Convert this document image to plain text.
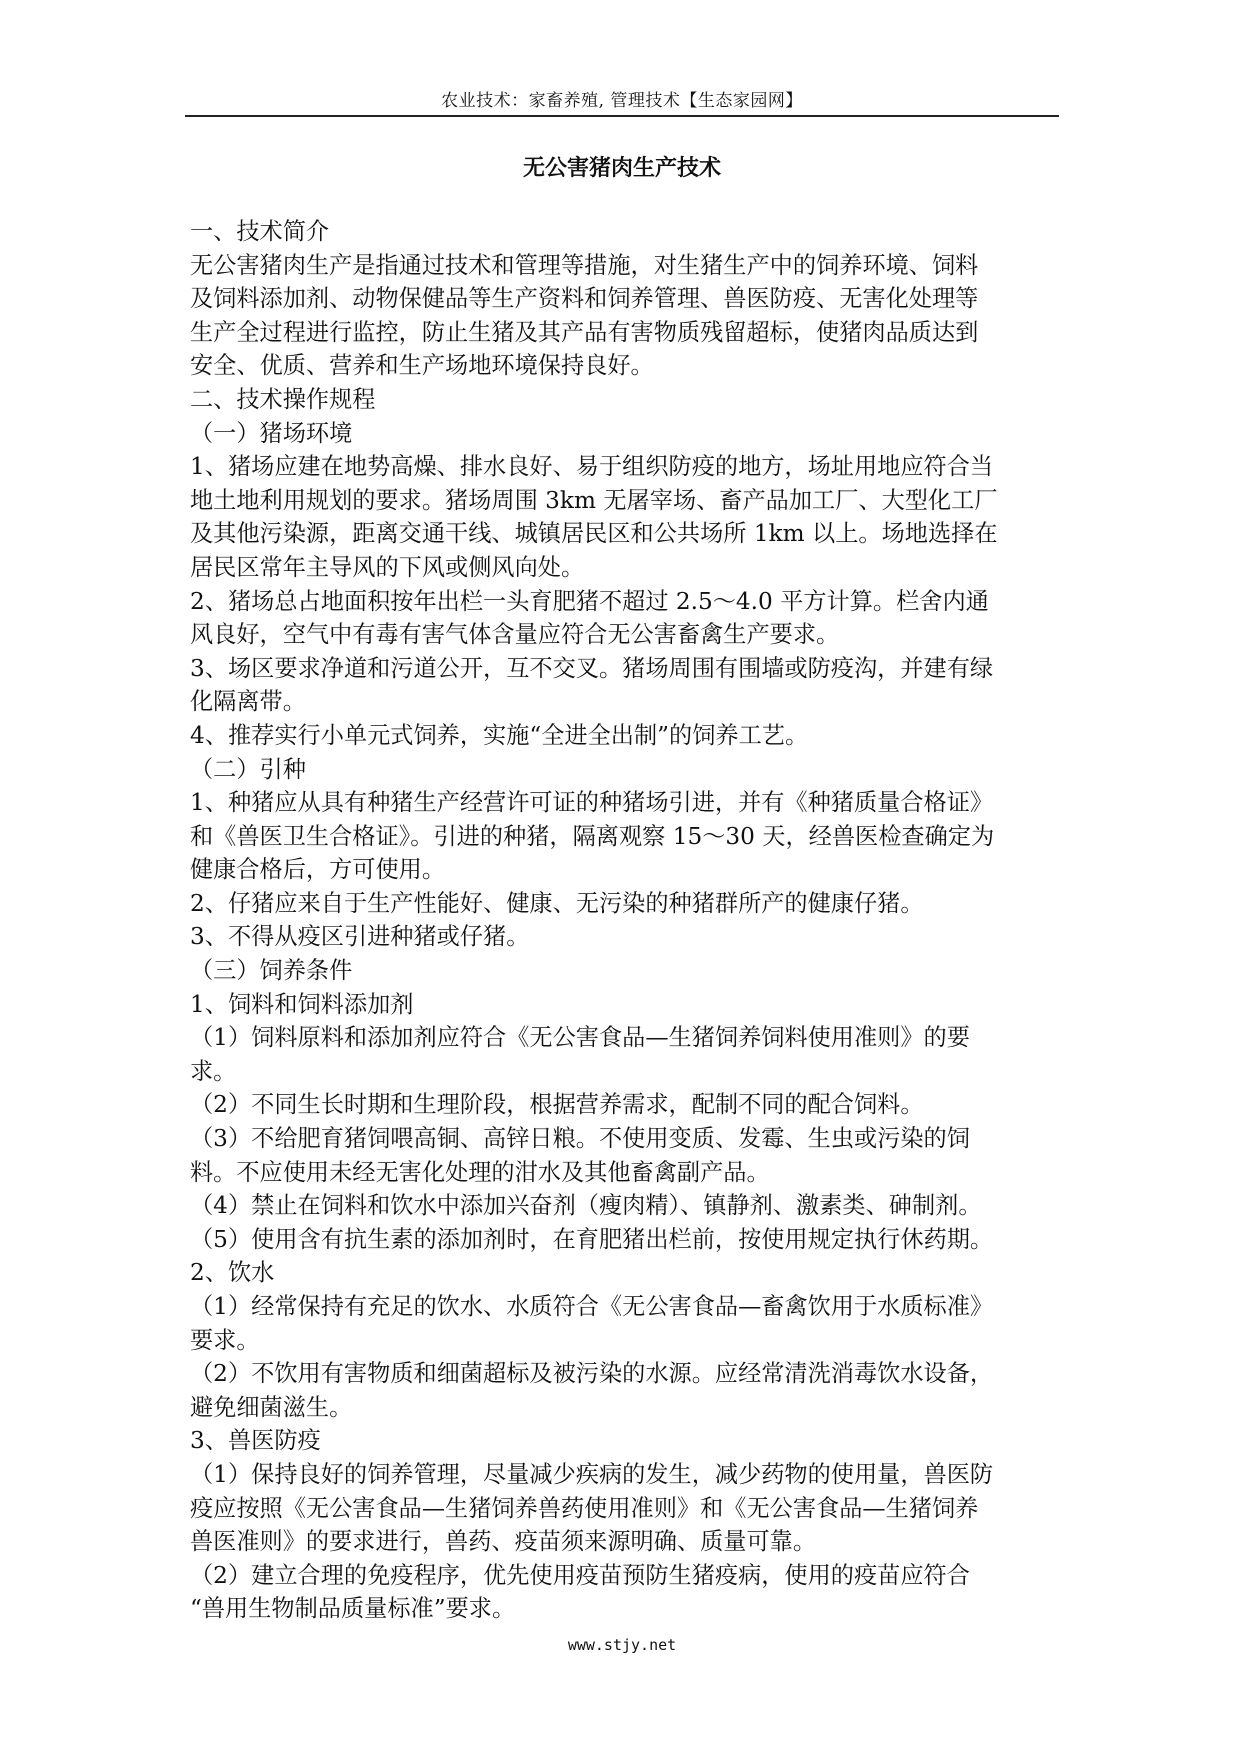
农业技术：家畜养殖, 管理技术【生态家园网】
无公害猪肉生产技术

一、技术简介

无公害猪肉生产是指通过技术和管理等措施，对生猪生产中的饲养环境、饲料

及饲料添加剂、动物保健品等生产资料和饲养管理、兽医防疫、无害化处理等

生产全过程进行监控，防止生猪及其产品有害物质残留超标，使猪肉品质达到

安全、优质、营养和生产场地环境保持良好。

二、技术操作规程

（一）猪场环境

1、猪场应建在地势高燥、排水良好、易于组织防疫的地方，场址用地应符合当

地土地利用规划的要求。猪场周围 3km 无屠宰场、畜产品加工厂、大型化工厂

及其他污染源，距离交通干线、城镇居民区和公共场所 1km 以上。场地选择在

居民区常年主导风的下风或侧风向处。

2、猪场总占地面积按年出栏一头育肥猪不超过 2.5～4.0 平方计算。栏舍内通

风良好，空气中有毒有害气体含量应符合无公害畜禽生产要求。

3、场区要求净道和污道公开，互不交叉。猪场周围有围墙或防疫沟，并建有绿

化隔离带。

4、推荐实行小单元式饲养，实施“全进全出制”的饲养工艺。

（二）引种

1、种猪应从具有种猪生产经营许可证的种猪场引进，并有《种猪质量合格证》

和《兽医卫生合格证》。引进的种猪，隔离观察 15～30 天，经兽医检查确定为

健康合格后，方可使用。

2、仔猪应来自于生产性能好、健康、无污染的种猪群所产的健康仔猪。

3、不得从疫区引进种猪或仔猪。

（三）饲养条件

1、饲料和饲料添加剂

（1）饲料原料和添加剂应符合《无公害食品—生猪饲养饲料使用准则》的要

求。

（2）不同生长时期和生理阶段，根据营养需求，配制不同的配合饲料。

（3）不给肥育猪饲喂高铜、高锌日粮。不使用变质、发霉、生虫或污染的饲

料。不应使用未经无害化处理的泔水及其他畜禽副产品。

（4）禁止在饲料和饮水中添加兴奋剂（瘦肉精）、镇静剂、激素类、砷制剂。

（5）使用含有抗生素的添加剂时，在育肥猪出栏前，按使用规定执行休药期。

2、饮水

（1）经常保持有充足的饮水、水质符合《无公害食品—畜禽饮用于水质标准》

要求。

（2）不饮用有害物质和细菌超标及被污染的水源。应经常清洗消毒饮水设备，

避免细菌滋生。

3、兽医防疫

（1）保持良好的饲养管理，尽量减少疾病的发生，减少药物的使用量，兽医防

疫应按照《无公害食品—生猪饲养兽药使用准则》和《无公害食品—生猪饲养

兽医准则》的要求进行，兽药、疫苗须来源明确、质量可靠。

（2）建立合理的免疫程序，优先使用疫苗预防生猪疫病，使用的疫苗应符合

“兽用生物制品质量标准”要求。

www.stjy.net
